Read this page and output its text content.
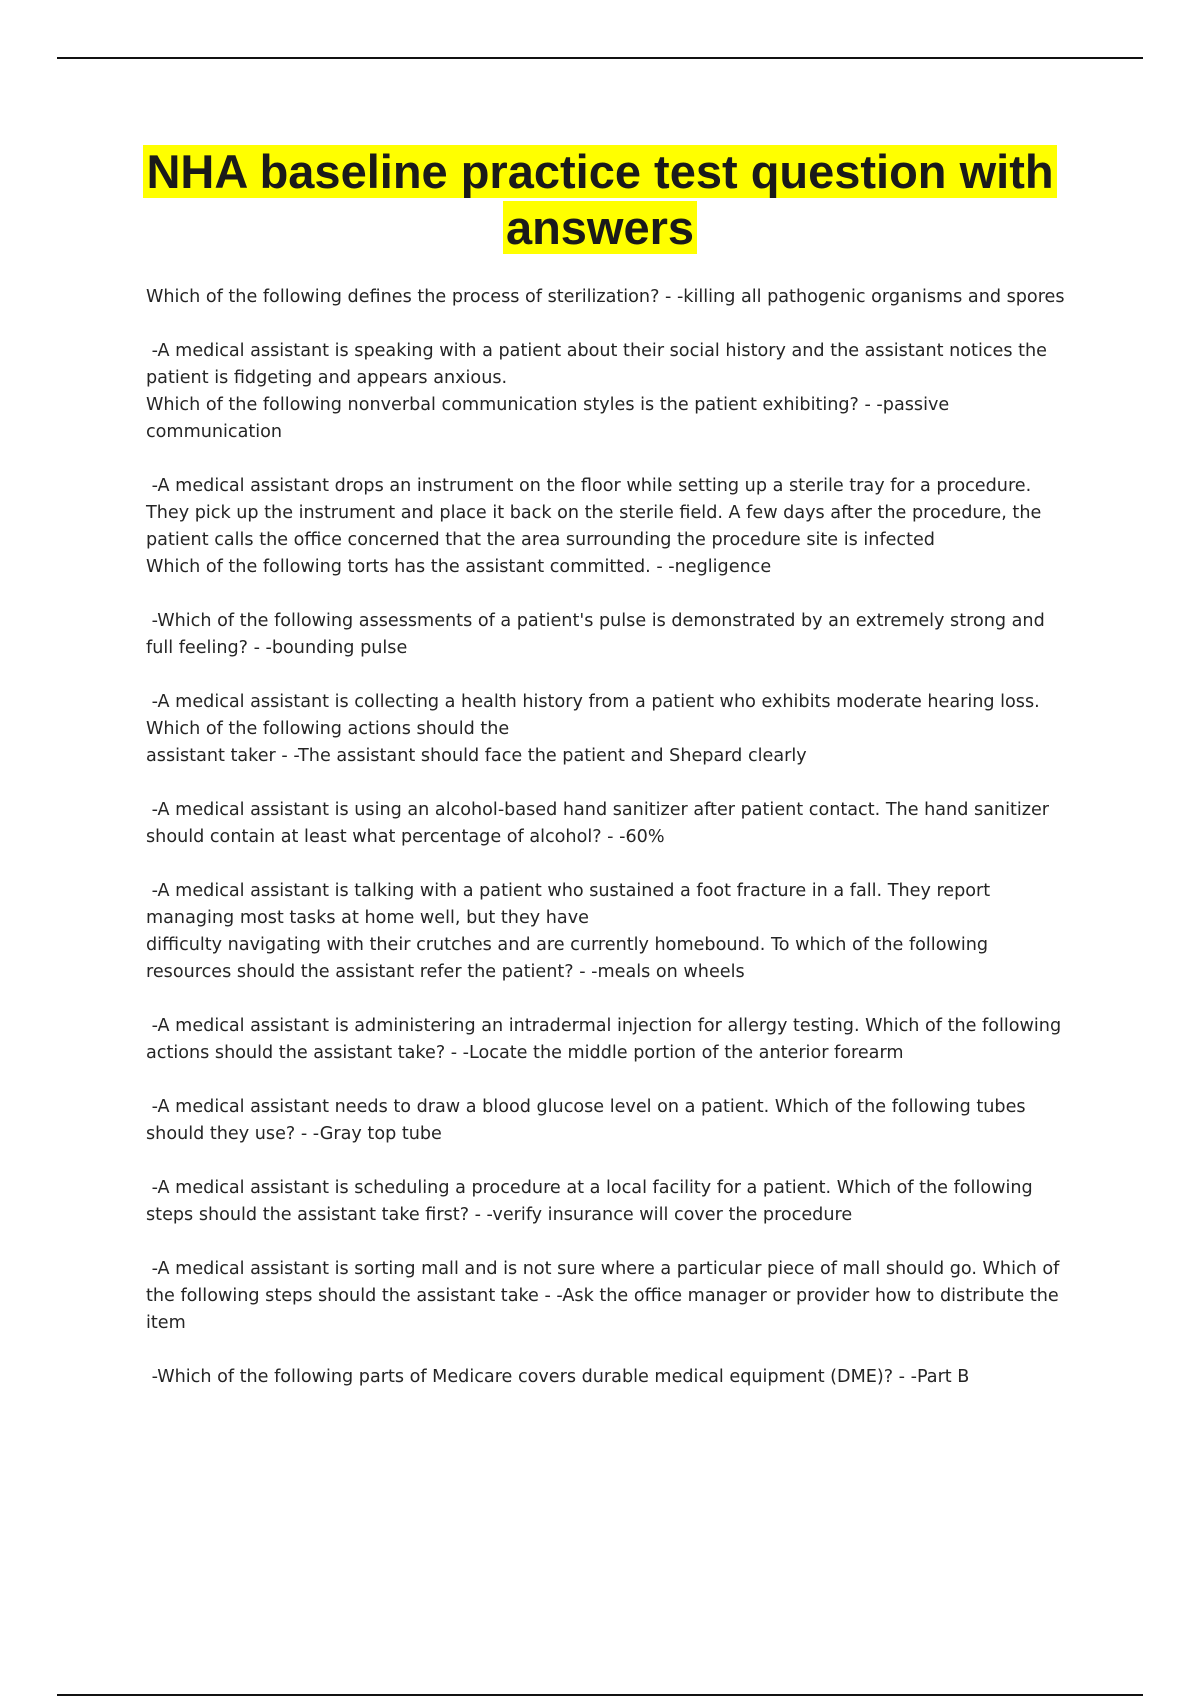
NHA baseline practice test question with answers
Which of the following defines the process of sterilization? - -killing all pathogenic organisms and spores
-A medical assistant is speaking with a patient about their social history and the assistant notices the
patient is fidgeting and appears anxious.
Which of the following nonverbal communication styles is the patient exhibiting? - -passive
communication
-A medical assistant drops an instrument on the floor while setting up a sterile tray for a procedure.
They pick up the instrument and place it back on the sterile field. A few days after the procedure, the
patient calls the office concerned that the area surrounding the procedure site is infected
Which of the following torts has the assistant committed. - -negligence
-Which of the following assessments of a patient's pulse is demonstrated by an extremely strong and
full feeling? - -bounding pulse
-A medical assistant is collecting a health history from a patient who exhibits moderate hearing loss.
Which of the following actions should the
assistant taker - -The assistant should face the patient and Shepard clearly
-A medical assistant is using an alcohol-based hand sanitizer after patient contact. The hand sanitizer
should contain at least what percentage of alcohol? - -60%
-A medical assistant is talking with a patient who sustained a foot fracture in a fall. They report
managing most tasks at home well, but they have
difficulty navigating with their crutches and are currently homebound. To which of the following
resources should the assistant refer the patient? - -meals on wheels
-A medical assistant is administering an intradermal injection for allergy testing. Which of the following
actions should the assistant take? - -Locate the middle portion of the anterior forearm
-A medical assistant needs to draw a blood glucose level on a patient. Which of the following tubes
should they use? - -Gray top tube
-A medical assistant is scheduling a procedure at a local facility for a patient. Which of the following
steps should the assistant take first? - -verify insurance will cover the procedure
-A medical assistant is sorting mall and is not sure where a particular piece of mall should go. Which of
the following steps should the assistant take - -Ask the office manager or provider how to distribute the
item
-Which of the following parts of Medicare covers durable medical equipment (DME)? - -Part B
